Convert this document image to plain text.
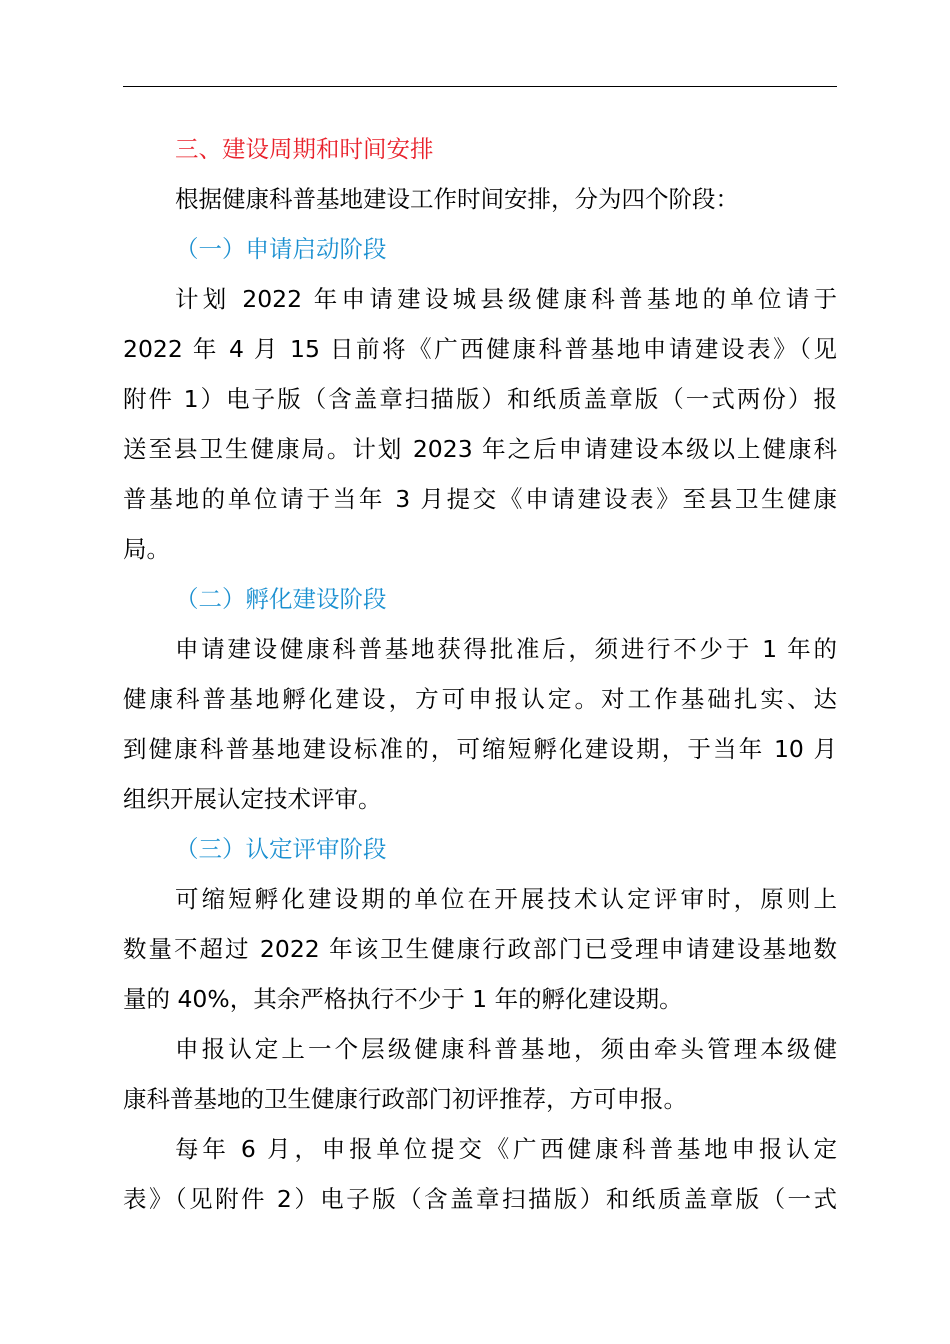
三、建设周期和时间安排
根据健康科普基地建设工作时间安排，分为四个阶段：
（一）申请启动阶段
计划 2022 年申请建设城县级健康科普基地的单位请于
2022 年 4 月 15 日前将《广西健康科普基地申请建设表》（见
附件 1）电子版（含盖章扫描版）和纸质盖章版（一式两份）报
送至县卫生健康局。计划 2023 年之后申请建设本级以上健康科
普基地的单位请于当年 3 月提交《申请建设表》至县卫生健康
局。
（二）孵化建设阶段
申请建设健康科普基地获得批准后，须进行不少于 1 年的
健康科普基地孵化建设，方可申报认定。对工作基础扎实、达
到健康科普基地建设标准的，可缩短孵化建设期，于当年 10 月
组织开展认定技术评审。
（三）认定评审阶段
可缩短孵化建设期的单位在开展技术认定评审时，原则上
数量不超过 2022 年该卫生健康行政部门已受理申请建设基地数
量的 40%，其余严格执行不少于 1 年的孵化建设期。
申报认定上一个层级健康科普基地，须由牵头管理本级健
康科普基地的卫生健康行政部门初评推荐，方可申报。
每年 6 月，申报单位提交《广西健康科普基地申报认定
表》（见附件 2）电子版（含盖章扫描版）和纸质盖章版（一式
